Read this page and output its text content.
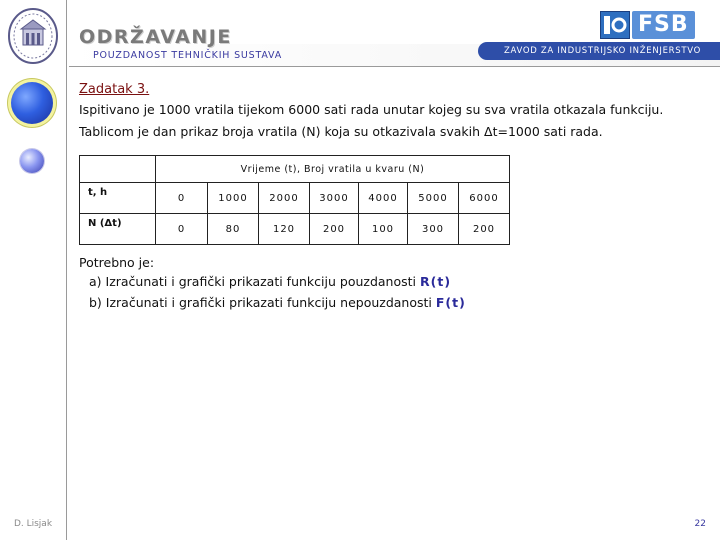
D. Lisjak
ODRŽAVANJE
POUZDANOST TEHNIČKIH SUSTAVA	ZAVOD ZA INDUSTRIJSKO INŽENJERSTVO
FSB
Zadatak 3.
Ispitivano je 1000 vratila tijekom 6000 sati rada unutar kojeg su sva vratila otkazala funkciju.
Tablicom je dan prikaz broja vratila (N) koja su otkazivala svakih Δt=1000 sati rada.
	Vrijeme (t), Broj vratila u kvaru (N)						
t, h	0	1000	2000	3000	4000	5000	6000
N (Δt)	0	80	120	200	100	300	200
Potrebno je:
a) Izračunati i grafički prikazati funkciju pouzdanosti R(t)
b) Izračunati i grafički prikazati funkciju nepouzdanosti F(t)
22
